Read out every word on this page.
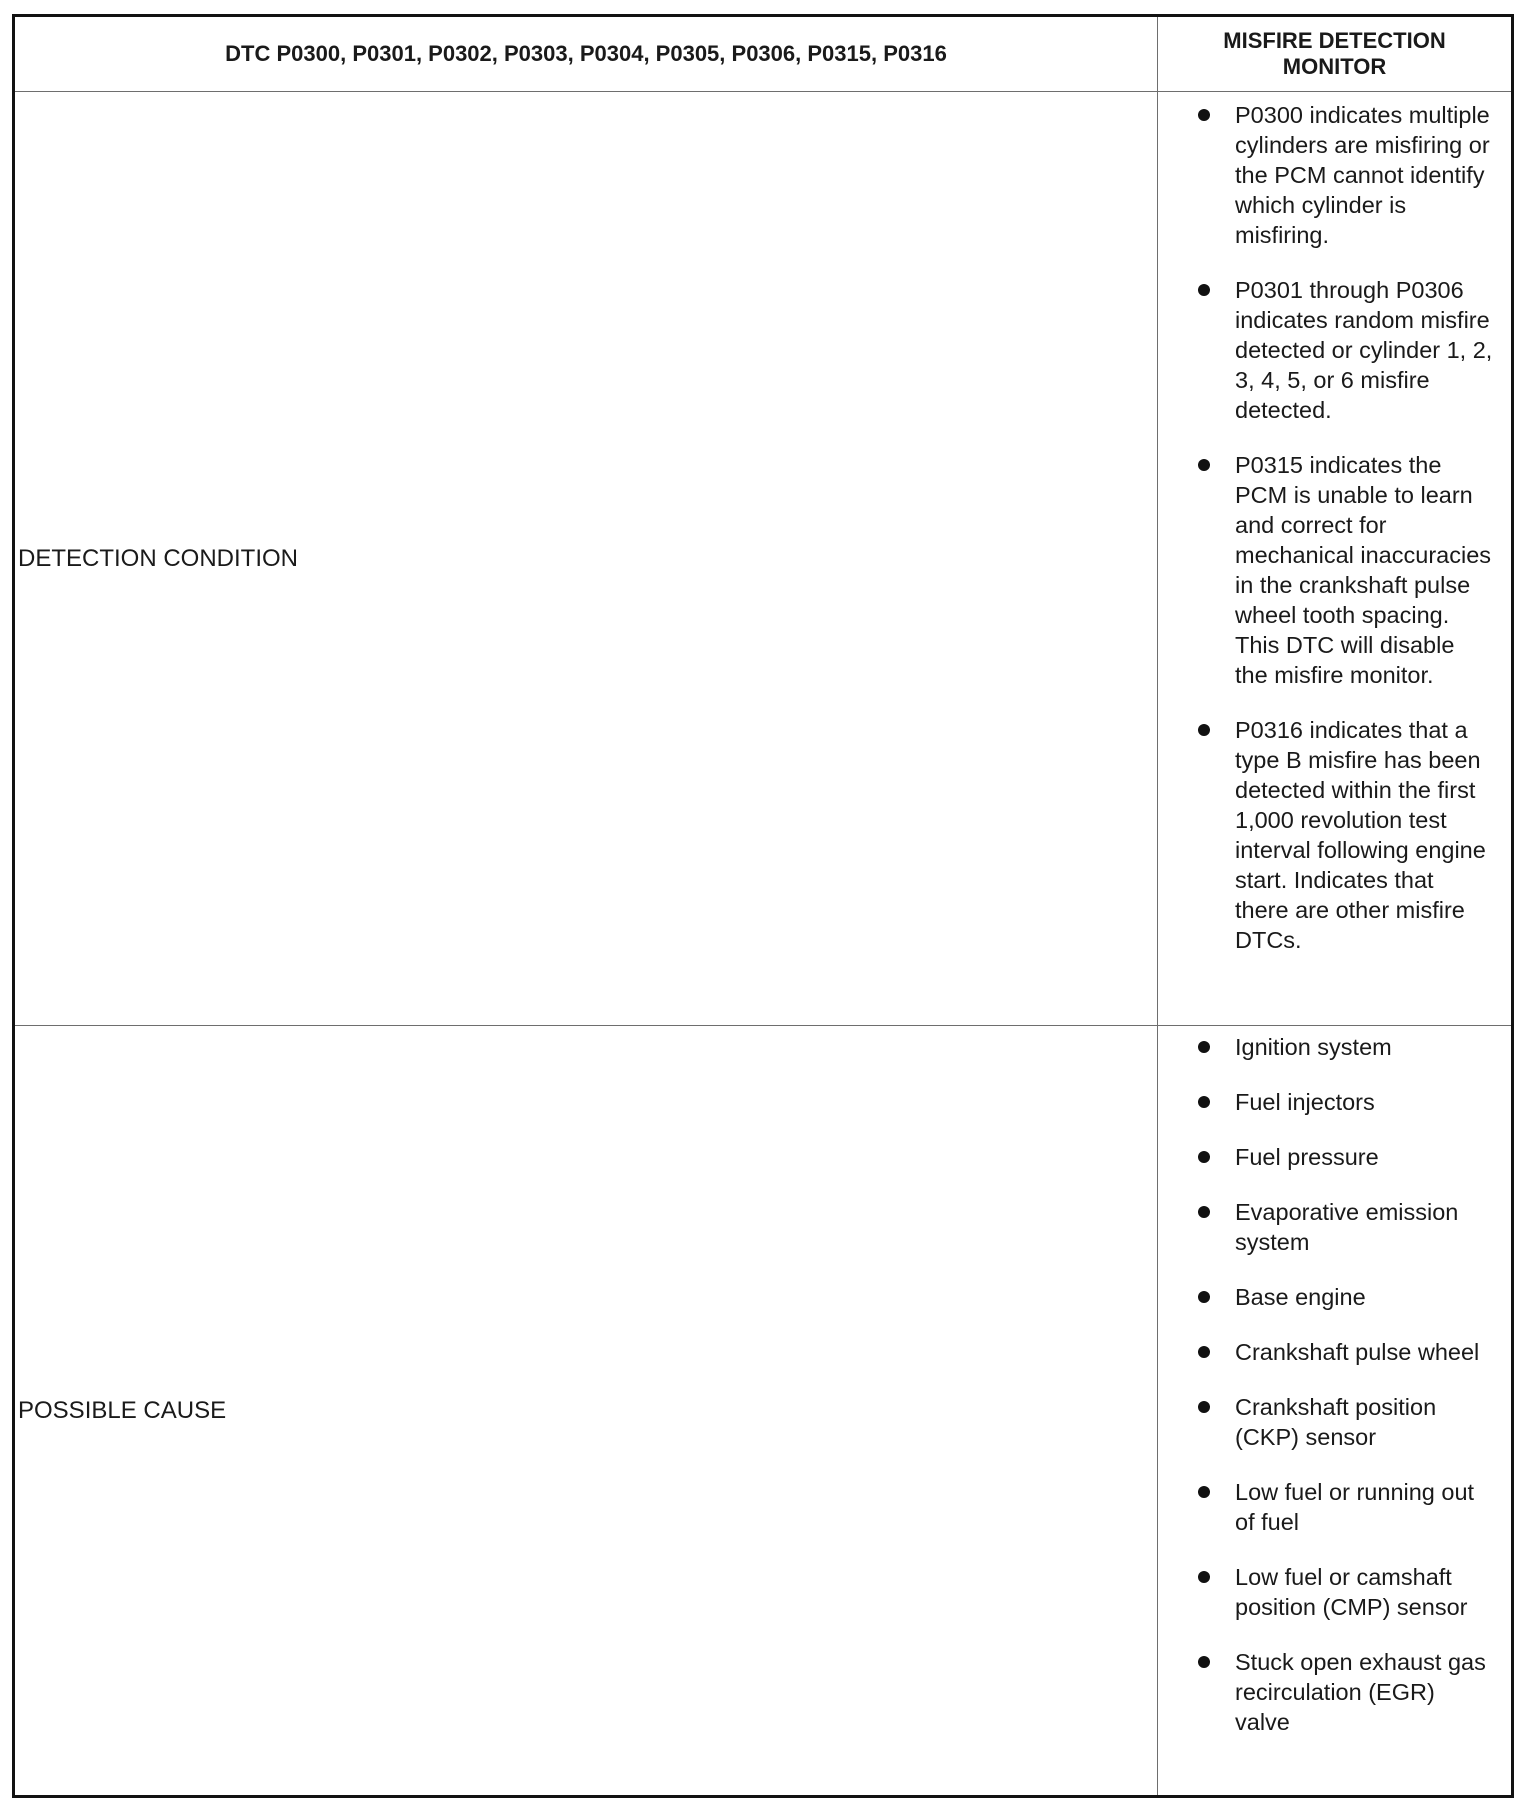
DTC P0300, P0301, P0302, P0303, P0304, P0305, P0306, P0315, P0316
MISFIRE DETECTION MONITOR
DETECTION CONDITION
P0300 indicates multiple cylinders are misfiring or the PCM cannot identify which cylinder is misfiring.
P0301 through P0306 indicates random misfire detected or cylinder 1, 2, 3, 4, 5, or 6 misfire detected.
P0315 indicates the PCM is unable to learn and correct for mechanical inaccuracies in the crankshaft pulse wheel tooth spacing. This DTC will disable the misfire monitor.
P0316 indicates that a type B misfire has been detected within the first 1,000 revolution test interval following engine start. Indicates that there are other misfire DTCs.
POSSIBLE CAUSE
Ignition system
Fuel injectors
Fuel pressure
Evaporative emission system
Base engine
Crankshaft pulse wheel
Crankshaft position (CKP) sensor
Low fuel or running out of fuel
Low fuel or camshaft position (CMP) sensor
Stuck open exhaust gas recirculation (EGR) valve
